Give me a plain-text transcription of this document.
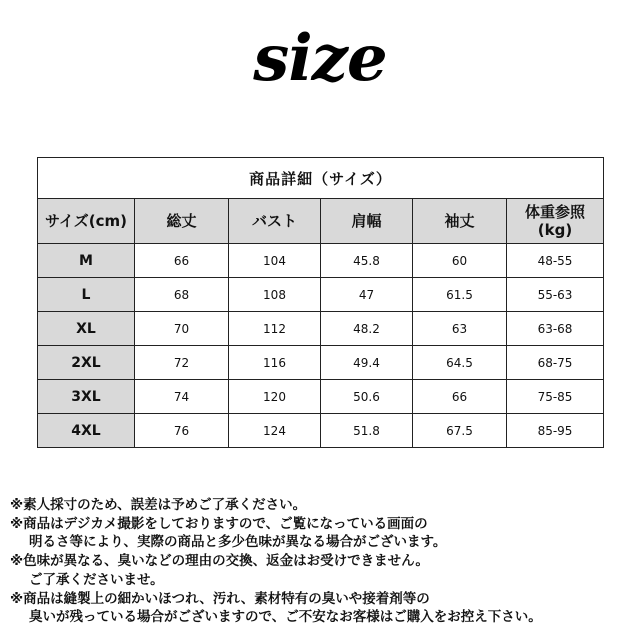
size
商品詳細（サイズ）					
サイズ(cm)	総丈	バスト	肩幅	袖丈	体重参照
(kg)
M	66	104	45.8	60	48-55
L	68	108	47	61.5	55-63
XL	70	112	48.2	63	63-68
2XL	72	116	49.4	64.5	68-75
3XL	74	120	50.6	66	75-85
4XL	76	124	51.8	67.5	85-95
※素人採寸のため、誤差は予めご了承ください。
※商品はデジカメ撮影をしておりますので、ご覧になっている画面の
明るさ等により、実際の商品と多少色味が異なる場合がございます。
※色味が異なる、臭いなどの理由の交換、返金はお受けできません。
ご了承くださいませ。
※商品は縫製上の細かいほつれ、汚れ、素材特有の臭いや接着剤等の
臭いが残っている場合がございますので、ご不安なお客様はご購入をお控え下さい。
